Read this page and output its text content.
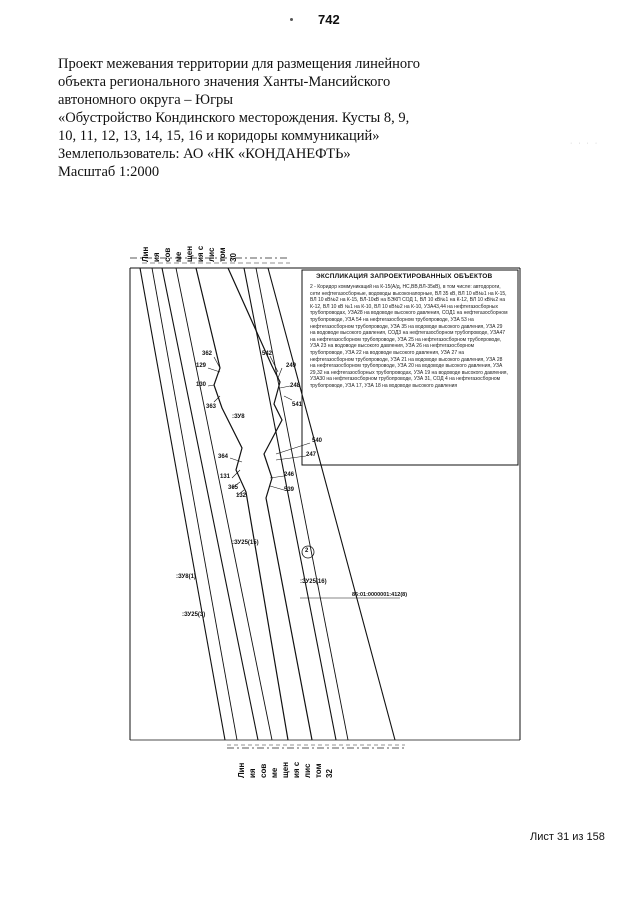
742
Проект межевания территории для размещения линейного
объекта регионального значения Ханты-Мансийского
автономного округа – Югры
«Обустройство Кондинского месторождения. Кусты 8, 9,
10, 11, 12, 13, 14, 15, 16 и коридоры коммуникаций»
Землепользователь: АО «НК «КОНДАНЕФТЬ»
Масштаб 1:2000
· · · ·
Лин ия сов ме щен ия с лис том 30
Лин ия сов ме щен ия с лис том 32
ЭКСПЛИКАЦИЯ ЗАПРОЕКТИРОВАННЫХ ОБЪЕКТОВ
2 - Коридор коммуникаций на К-15(А/д, НС,ВВ,ВЛ-35кВ), в том числе: автодороги, сети нефтегазосборные, водоводы высоконапорные, ВЛ 35 кВ, ВЛ 10 кВ№1 на К-15, ВЛ 10 кВ№2 на К-15, ВЛ-10кВ на БЭКП СОД 1, ВЛ 10 кВ№1 на К-12, ВЛ 10 кВ№2 на К-12, ВЛ 10 кВ №1 на К-10, ВЛ 10 кВ№2 на К-10, УЗА43,44 на нефтегазосборных трубопроводах, УЗА28 на водоводе высокого давления, СОД1 на нефтегазосборном трубопроводе, УЗА 54 на нефтегазосборном трубопроводе, УЗА 53 на нефтегазосборном трубопроводе, УЗА 35 на водоводе высокого давления, УЗА 29 на водоводе высокого давления, СОД3 на нефтегазосборном трубопроводе, УЗА47 на нефтегазосборном трубопроводе, УЗА 25 на нефтегазосборном трубопроводе, УЗА 23 на водоводе высокого давления, УЗА 26 на нефтегазосборном трубопроводе, УЗА 22 на водоводе высокого давления, УЗА 27 на нефтегазосборном трубопроводе, УЗА 21 на водоводе высокого давления, УЗА 28 на нефтегазосборном трубопроводе, УЗА 20 на водоводе высокого давления, УЗА 29,32 на нефтегазосборных трубопроводах, УЗА 19 на водоводе высокого давления, УЗА30 на нефтегазосборном трубопроводе, УЗА 31, СОД 4 на нефтегазосборном трубопроводе, УЗА 17, УЗА 18 на водоводе высокого давления
362
129
130
363
542
249
248
541
:ЗУ8
540
247
246
539
364
131
365
132
:ЗУ25(15)
2
:ЗУ8(1)
:ЗУ25(16)
86:01:0000001:412(8)
:ЗУ25(3)
Лист 31 из 158
